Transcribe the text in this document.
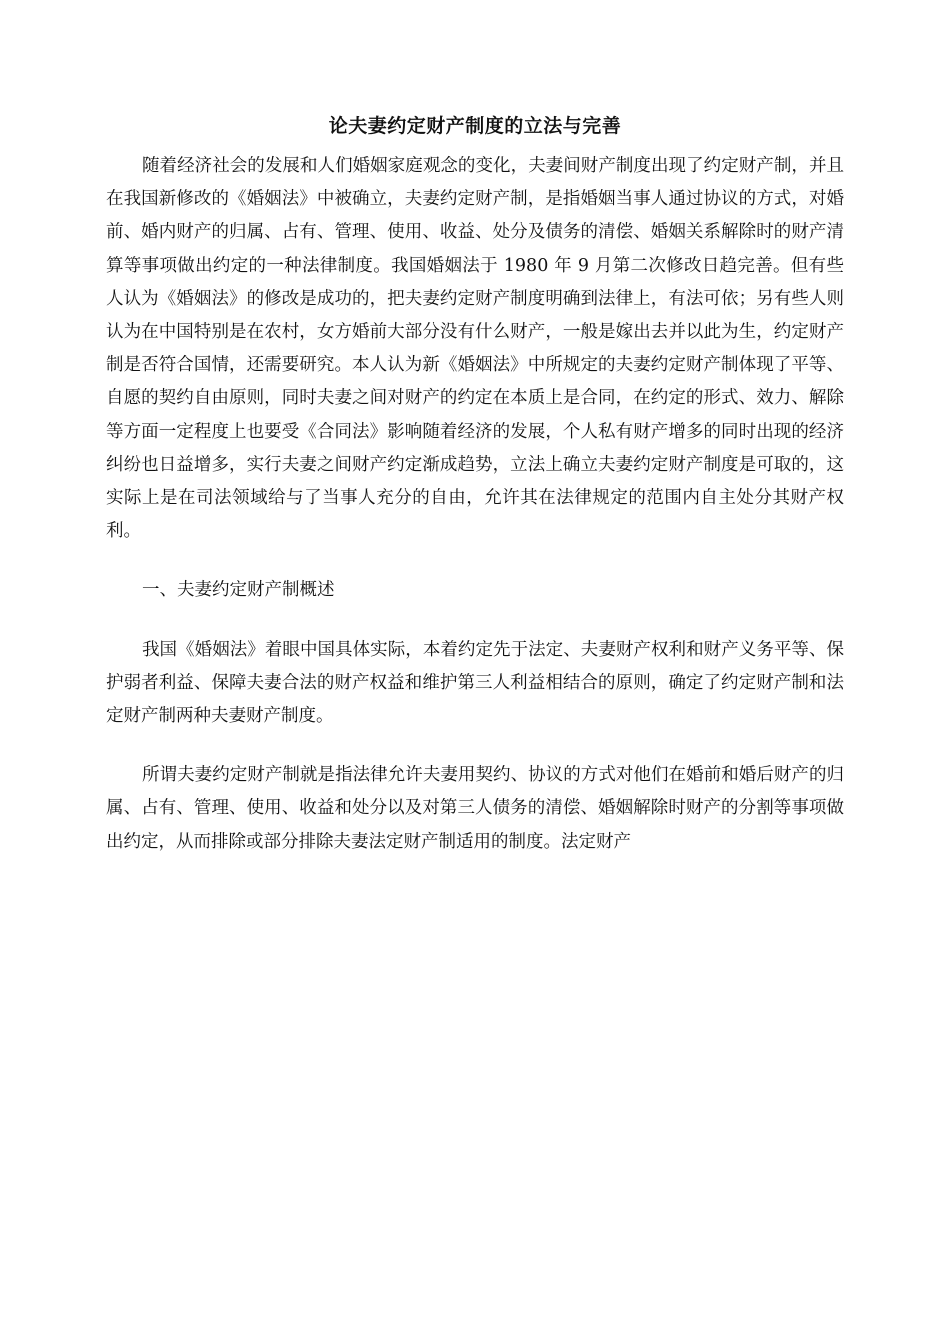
论夫妻约定财产制度的立法与完善

随着经济社会的发展和人们婚姻家庭观念的变化，夫妻间财产制度出现了约定财产制，并且在我国新修改的《婚姻法》中被确立，夫妻约定财产制，是指婚姻当事人通过协议的方式，对婚前、婚内财产的归属、占有、管理、使用、收益、处分及债务的清偿、婚姻关系解除时的财产清算等事项做出约定的一种法律制度。我国婚姻法于 1980 年 9 月第二次修改日趋完善。但有些人认为《婚姻法》的修改是成功的，把夫妻约定财产制度明确到法律上，有法可依；另有些人则认为在中国特别是在农村，女方婚前大部分没有什么财产，一般是嫁出去并以此为生，约定财产制是否符合国情，还需要研究。本人认为新《婚姻法》中所规定的夫妻约定财产制体现了平等、自愿的契约自由原则，同时夫妻之间对财产的约定在本质上是合同，在约定的形式、效力、解除等方面一定程度上也要受《合同法》影响随着经济的发展，个人私有财产增多的同时出现的经济纠纷也日益增多，实行夫妻之间财产约定渐成趋势，立法上确立夫妻约定财产制度是可取的，这实际上是在司法领域给与了当事人充分的自由，允许其在法律规定的范围内自主处分其财产权利。

一、夫妻约定财产制概述

我国《婚姻法》着眼中国具体实际，本着约定先于法定、夫妻财产权利和财产义务平等、保护弱者利益、保障夫妻合法的财产权益和维护第三人利益相结合的原则，确定了约定财产制和法定财产制两种夫妻财产制度。

所谓夫妻约定财产制就是指法律允许夫妻用契约、协议的方式对他们在婚前和婚后财产的归属、占有、管理、使用、收益和处分以及对第三人债务的清偿、婚姻解除时财产的分割等事项做出约定，从而排除或部分排除夫妻法定财产制适用的制度。法定财产
